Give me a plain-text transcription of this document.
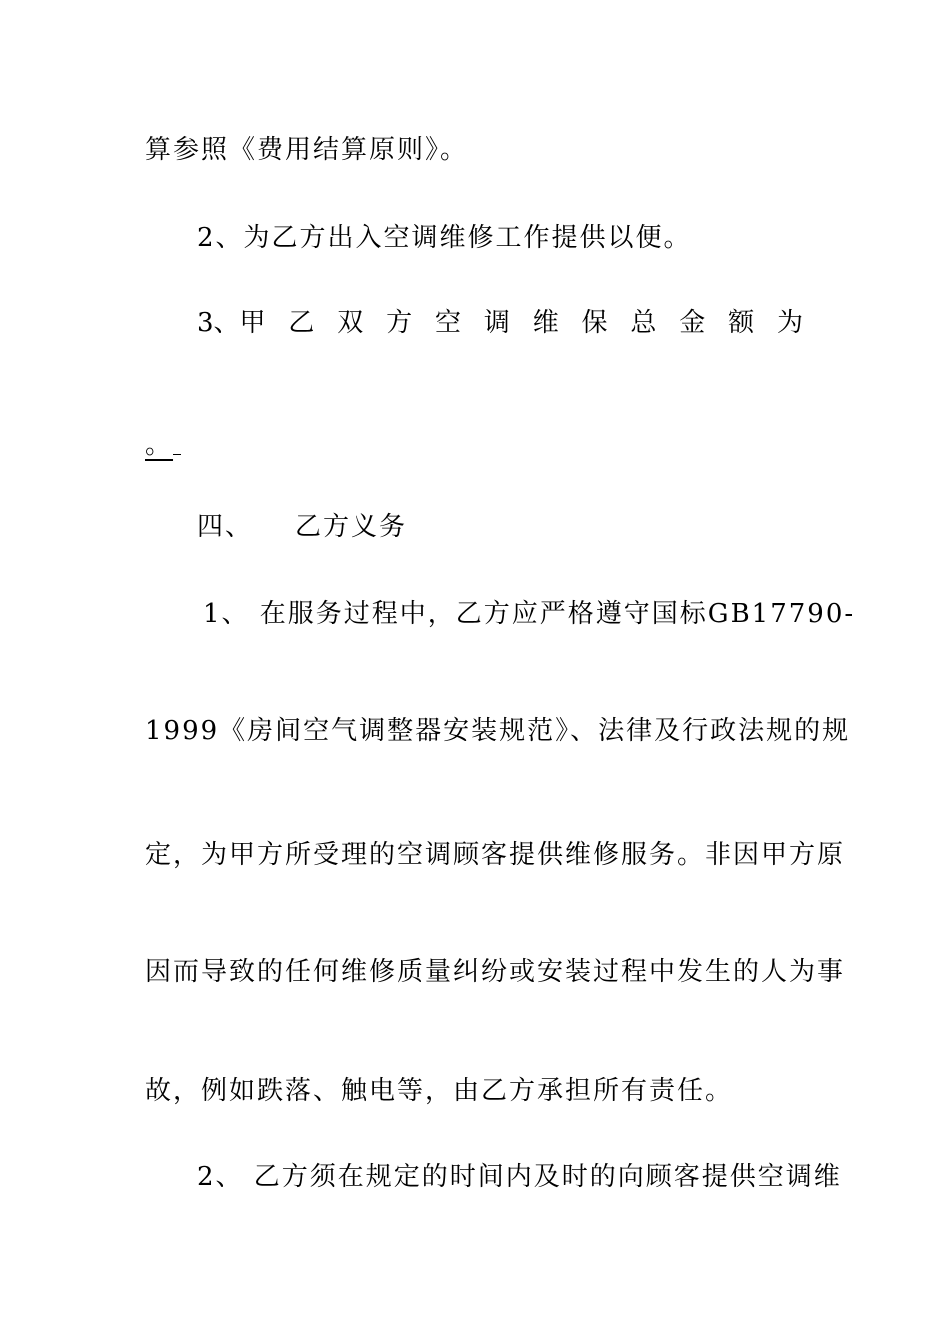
算参照《费用结算原则》。
2、为乙方出入空调维修工作提供以便。
3、甲 乙 双 方 空 调 维 保 总 金 额 为
。
四、 乙方义务
1、 在服务过程中，乙方应严格遵守国标GB17790-
1999《房间空气调整器安装规范》、法律及行政法规的规
定，为甲方所受理的空调顾客提供维修服务。非因甲方原
因而导致的任何维修质量纠纷或安装过程中发生的人为事
故，例如跌落、触电等，由乙方承担所有责任。
2、 乙方须在规定的时间内及时的向顾客提供空调维
